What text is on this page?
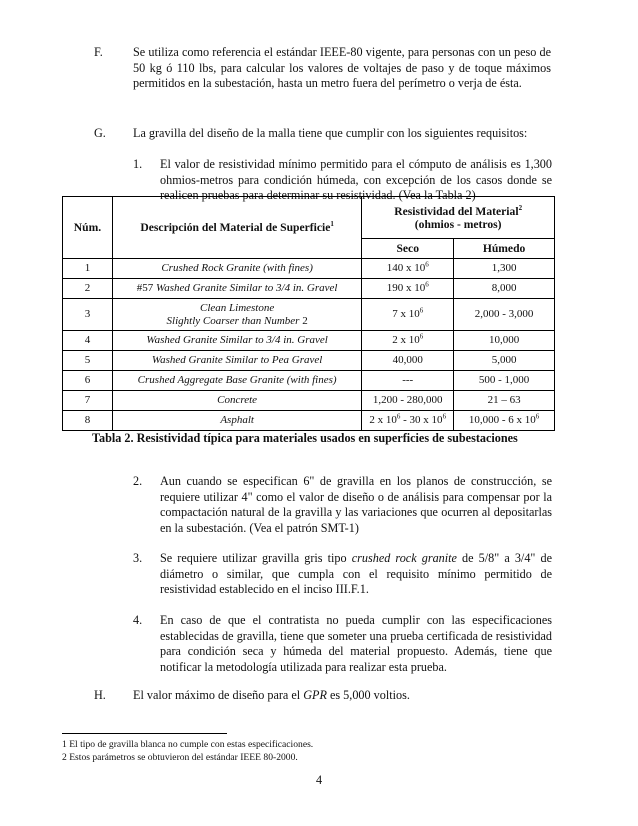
F. Se utiliza como referencia el estándar IEEE-80 vigente, para personas con un peso de 50 kg ó 110 lbs, para calcular los valores de voltajes de paso y de toque máximos permitidos en la subestación, hasta un metro fuera del perímetro o verja de ésta.
G. La gravilla del diseño de la malla tiene que cumplir con los siguientes requisitos:
1. El valor de resistividad mínimo permitido para el cómputo de análisis es 1,300 ohmios-metros para condición húmeda, con excepción de los casos donde se realicen pruebas para determinar su resistividad. (Vea la Tabla 2)
Núm.	Descripción del Material de Superficie$^1$	Resistividad del Material$^2$
(ohmios - metros)	
		Seco	Húmedo
1	Crushed Rock Granite (with fines)	140 x $10^6$	1,300
2	#57 Washed Granite Similar to 3/4 in. Gravel	190 x $10^6$	8,000
3	Clean Limestone
Slightly Coarser than Number 2	7 x $10^6$	2,000 - 3,000
4	Washed Granite Similar to 3/4 in. Gravel	2 x $10^6$	10,000
5	Washed Granite Similar to Pea Gravel	40,000	5,000
6	Crushed Aggregate Base Granite (with fines)	---	500 - 1,000
7	Concrete	1,200 - 280,000	21 – 63
8	Asphalt	2 x $10^6 - 30$ x $10^6$	10,000 - 6 x $10^6$
Tabla 2. Resistividad típica para materiales usados en superficies de subestaciones
2. Aun cuando se especifican 6" de gravilla en los planos de construcción, se requiere utilizar 4" como el valor de diseño o de análisis para compensar por la compactación natural de la gravilla y las variaciones que ocurren al depositarlas en la subestación. (Vea el patrón SMT-1)
3. Se requiere utilizar gravilla gris tipo crushed rock granite de 5/8" a 3/4" de diámetro o similar, que cumpla con el requisito mínimo permitido de resistividad establecido en el inciso III.F.1.
4. En caso de que el contratista no pueda cumplir con las especificaciones establecidas de gravilla, tiene que someter una prueba certificada de resistividad para condición seca y húmeda del material propuesto. Además, tiene que notificar la metodología utilizada para realizar esta prueba.
H. El valor máximo de diseño para el GPR es 5,000 voltios.
1 El tipo de gravilla blanca no cumple con estas especificaciones.
2 Estos parámetros se obtuvieron del estándar IEEE 80-2000.
4
